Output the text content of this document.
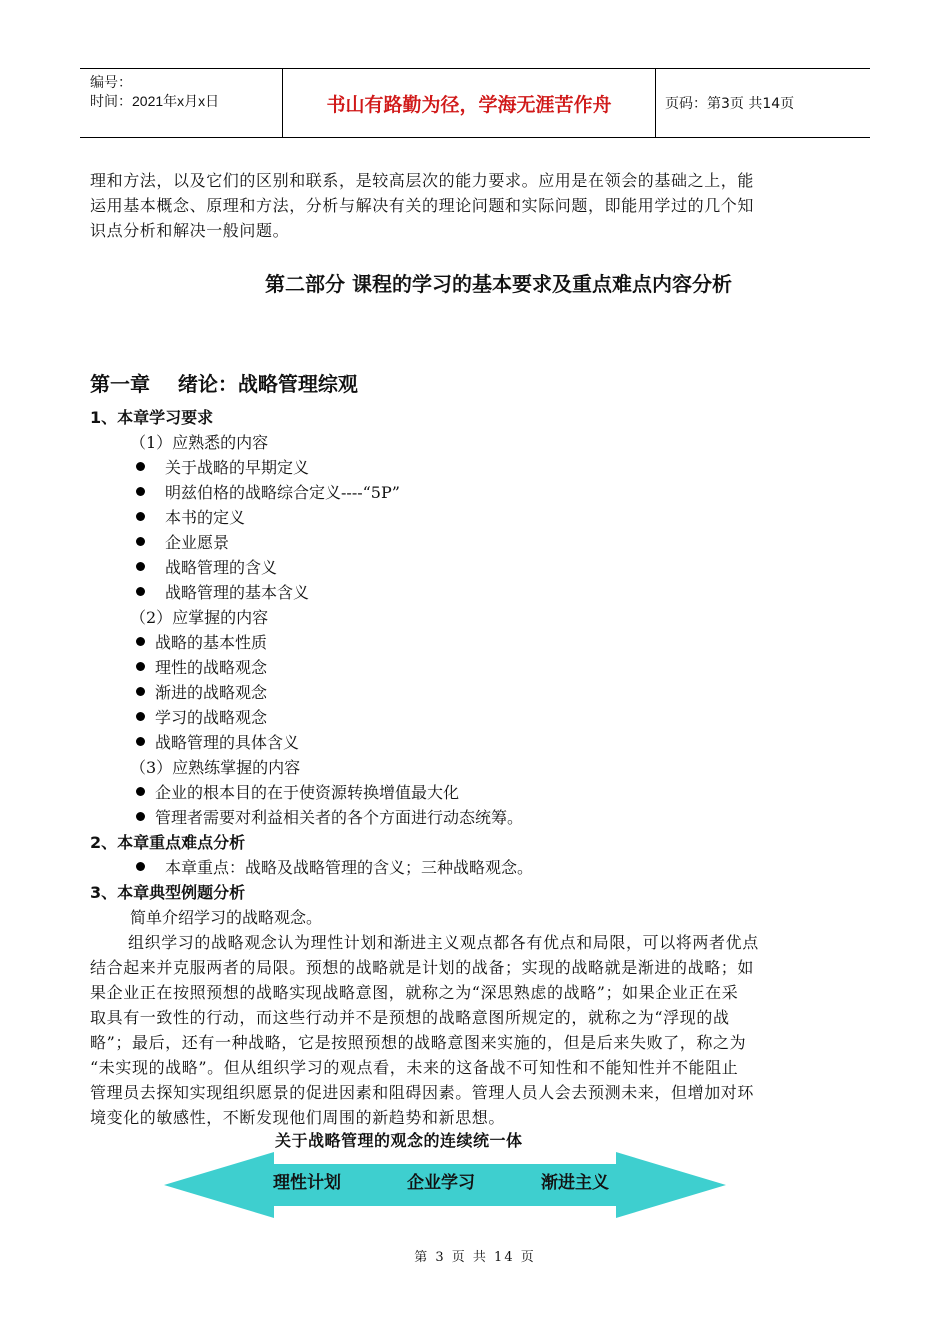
编号：
时间：2021年x月x日	书山有路勤为径，学海无涯苦作舟	页码：第3页 共14页
理和方法，以及它们的区别和联系，是较高层次的能力要求。应用是在领会的基础之上，能
运用基本概念、原理和方法，分析与解决有关的理论问题和实际问题，即能用学过的几个知
识点分析和解决一般问题。
第二部分 课程的学习的基本要求及重点难点内容分析
第一章    绪论：战略管理综观
1、本章学习要求
（1）应熟悉的内容
关于战略的早期定义
明兹伯格的战略综合定义----“5P”
本书的定义
企业愿景
战略管理的含义
战略管理的基本含义
（2）应掌握的内容
战略的基本性质
理性的战略观念
渐进的战略观念
学习的战略观念
战略管理的具体含义
（3）应熟练掌握的内容
企业的根本目的在于使资源转换增值最大化
管理者需要对利益相关者的各个方面进行动态统筹。
2、本章重点难点分析
本章重点：战略及战略管理的含义；三种战略观念。
3、本章典型例题分析
简单介绍学习的战略观念。
组织学习的战略观念认为理性计划和渐进主义观点都各有优点和局限，可以将两者优点
结合起来并克服两者的局限。预想的战略就是计划的战备；实现的战略就是渐进的战略；如
果企业正在按照预想的战略实现战略意图，就称之为“深思熟虑的战略”；如果企业正在采
取具有一致性的行动，而这些行动并不是预想的战略意图所规定的，就称之为“浮现的战
略”；最后，还有一种战略，它是按照预想的战略意图来实施的，但是后来失败了，称之为
“未实现的战略”。但从组织学习的观点看，未来的这备战不可知性和不能知性并不能阻止
管理员去探知实现组织愿景的促进因素和阻碍因素。管理人员人会去预测未来，但增加对环
境变化的敏感性，不断发现他们周围的新趋势和新思想。
关于战略管理的观念的连续统一体
理性计划	企业学习	渐进主义
第 3 页 共 14 页
